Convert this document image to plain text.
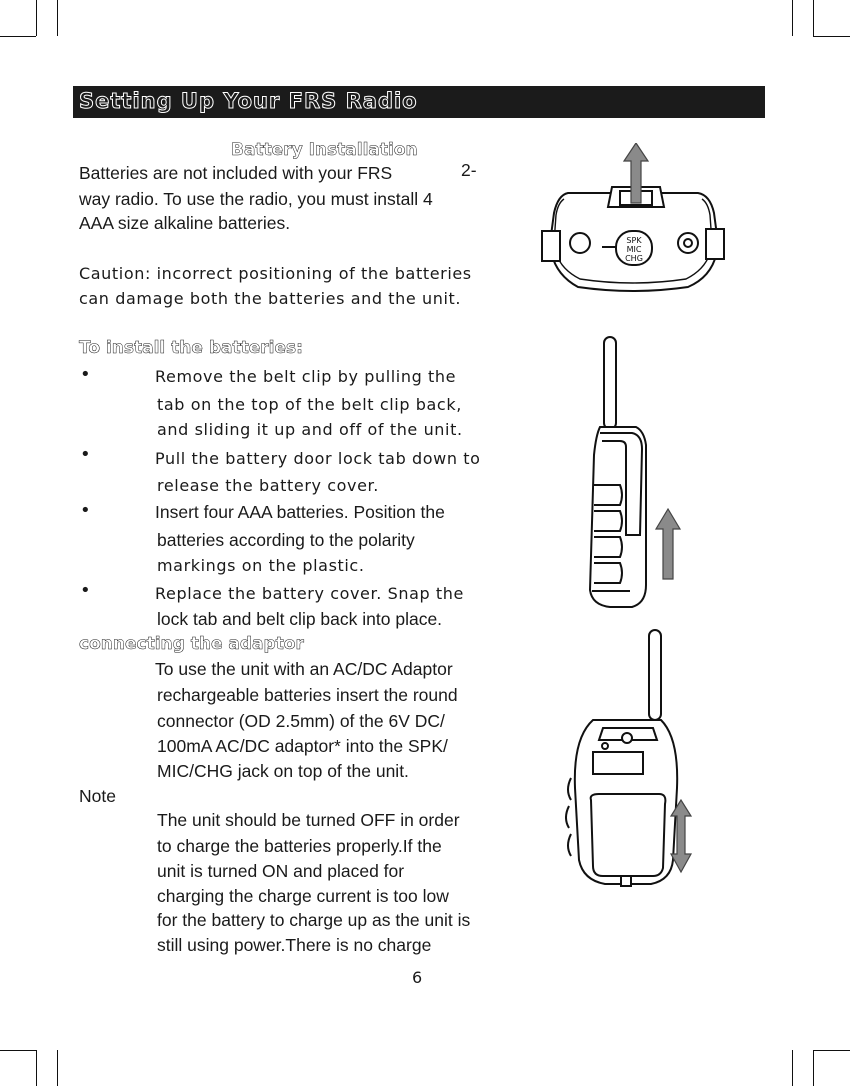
Setting Up Your FRS Radio
Battery Installation
Batteries are not included with your FRS	2-
way radio. To use the radio, you must install 4
AAA size alkaline batteries.
Caution: incorrect positioning of the batteries
can damage both the batteries and the unit.
To install the batteries:
•	Remove the belt clip by pulling the
tab on the top of the belt clip back,
and sliding it up and off of the unit.
•	Pull the battery door lock tab down to
release the battery cover.
•	Insert four AAA batteries. Position the
batteries according to the polarity
markings on the plastic.
•	Replace the battery cover. Snap the
lock tab and belt clip back into place.
connecting the adaptor
To use the unit with an AC/DC Adaptor
rechargeable batteries insert the round
connector (OD 2.5mm) of the 6V DC/
100mA AC/DC adaptor* into the SPK/
MIC/CHG jack on top of the unit.
Note
The unit should be turned OFF in order
to charge the batteries properly.If the
unit is turned ON and placed for
charging the charge current is too low
for the battery to charge up as the unit is
still using power.There is no charge
6
SPK
MIC
CHG
